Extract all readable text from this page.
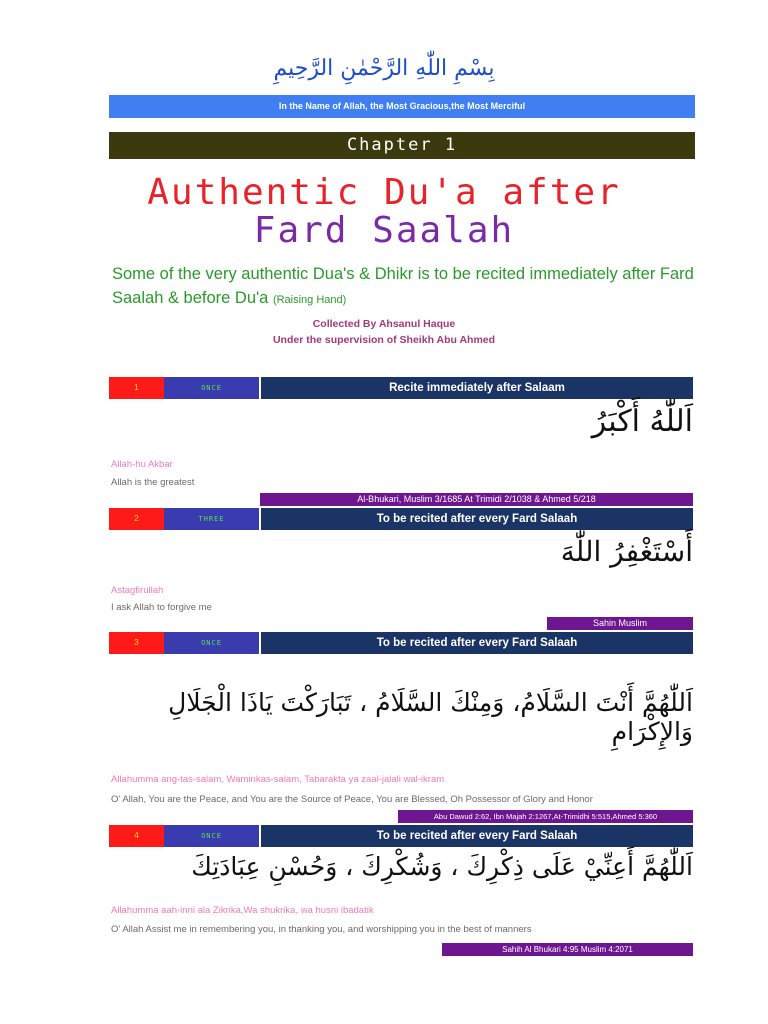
بِسْمِ اللّٰهِ الرَّحْمٰنِ الرَّحِيمِ
In the Name of Allah, the Most Gracious,the Most Merciful
Chapter 1
Authentic Du'a after
Fard Saalah
Some of the very authentic Dua's & Dhikr is to be recited immediately after Fard Saalah & before Du'a (Raising Hand)
Collected By Ahsanul Haque
Under the supervision of Sheikh Abu Ahmed
1	ONCE	Recite immediately after Salaam
اَللّٰهُ أَكْبَرُ
Allah-hu Akbar
Allah is the greatest
Al-Bhukari, Muslim 3/1685 At Trimidi 2/1038 & Ahmed 5/218
2	THREE	To be recited after every Fard Salaah
أَسْتَغْفِرُ اللّٰهَ
Astagfirullah
I ask Allah to forgive me
Sahin Muslim
3	ONCE	To be recited after every Fard Salaah
اَللّٰهُمَّ أَنْتَ السَّلَامُ، وَمِنْكَ السَّلَامُ ، تَبَارَكْتَ يَاذَا الْجَلَالِ وَالإِكْرَامِ
Allahumma ang-tas-salam, Waminkas-salam, Tabarakta ya zaal-jalali wal-ikram
O' Allah, You are the Peace, and You are the Source of Peace, You are Blessed, Oh Possessor of Glory and Honor
Abu Dawud 2:62, Ibn Majah 2:1267,At-Trimidhi 5:515,Ahmed 5:360
4	ONCE	To be recited after every Fard Salaah
اَللّٰهُمَّ أَعِنِّيْ عَلَى ذِكْرِكَ ، وَشُكْرِكَ ، وَحُسْنِ عِبَادَتِكَ
Allahumma aah-inni ala Zikrika,Wa shukrika, wa husni ibadatik
O' Allah Assist me in remembering you, in thanking you, and worshipping you in the best of manners
Sahih Al Bhukari 4:95 Muslim 4:2071
